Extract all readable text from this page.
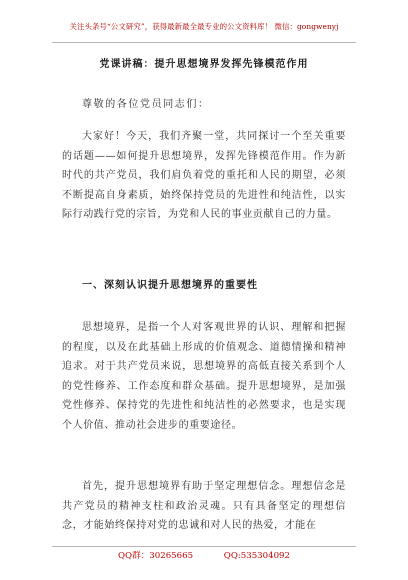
关注头条号“公文研究”，获得最新最全最专业的公文资料库！ 微信：gongwenyj
党课讲稿：提升思想境界发挥先锋模范作用
尊敬的各位党员同志们：

大家好！今天，我们齐聚一堂，共同探讨一个至关重要的话题——如何提升思想境界，发挥先锋模范作用。作为新时代的共产党员，我们肩负着党的重托和人民的期望，必须不断提高自身素质，始终保持党员的先进性和纯洁性，以实际行动践行党的宗旨，为党和人民的事业贡献自己的力量。

一、深刻认识提升思想境界的重要性

思想境界，是指一个人对客观世界的认识、理解和把握的程度，以及在此基础上形成的价值观念、道德情操和精神追求。对于共产党员来说，思想境界的高低直接关系到个人的党性修养、工作态度和群众基础。提升思想境界，是加强党性修养、保持党的先进性和纯洁性的必然要求，也是实现个人价值、推动社会进步的重要途径。

首先，提升思想境界有助于坚定理想信念。理想信念是共产党员的精神支柱和政治灵魂。只有具备坚定的理想信念，才能始终保持对党的忠诚和对人民的热爱，才能在

QQ群：30265665	QQ:535304092
